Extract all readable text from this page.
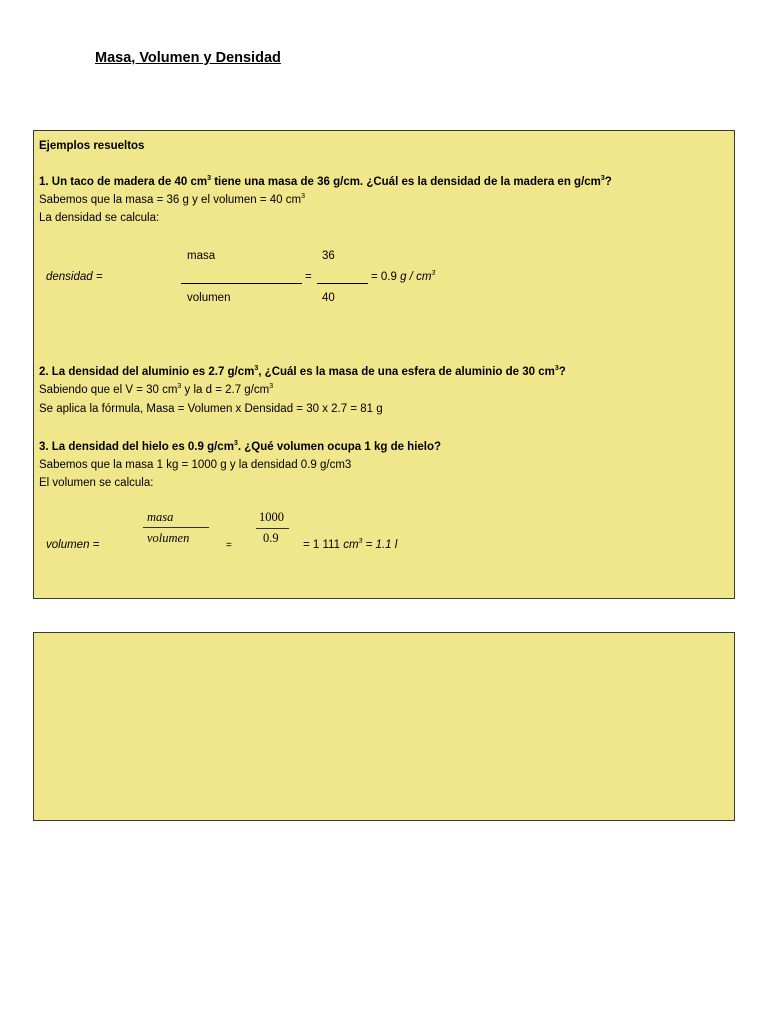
Masa, Volumen y Densidad
Ejemplos resueltos
1. Un taco de madera de 40 $cm^3$ tiene una masa de 36 g/cm. ¿Cuál es la densidad de la madera en $g/cm^3$?
Sabemos que la masa = 36 g y el volumen = 40 $cm^3$
La densidad se calcula:
densidad =
masa
volumen
=
36
40
= 0.9 g / $cm^3$
2. La densidad del aluminio es 2.7 $g/cm^3$, ¿Cuál es la masa de una esfera de aluminio de 30 $cm^3$?
Sabiendo que el V = 30 $cm^3$ y la d = 2.7 $g/cm^3$
Se aplica la fórmula, Masa = Volumen x Densidad = 30 x 2.7 = 81 g
3. La densidad del hielo es 0.9 $g/cm^3$. ¿Qué volumen ocupa 1 kg de hielo?
Sabemos que la masa 1 kg = 1000 g y la densidad 0.9 g/cm3
El volumen se calcula:
volumen =
masa
volumen
=
1000
0.9 = 1 111 $cm^3 = 1.1$ l
